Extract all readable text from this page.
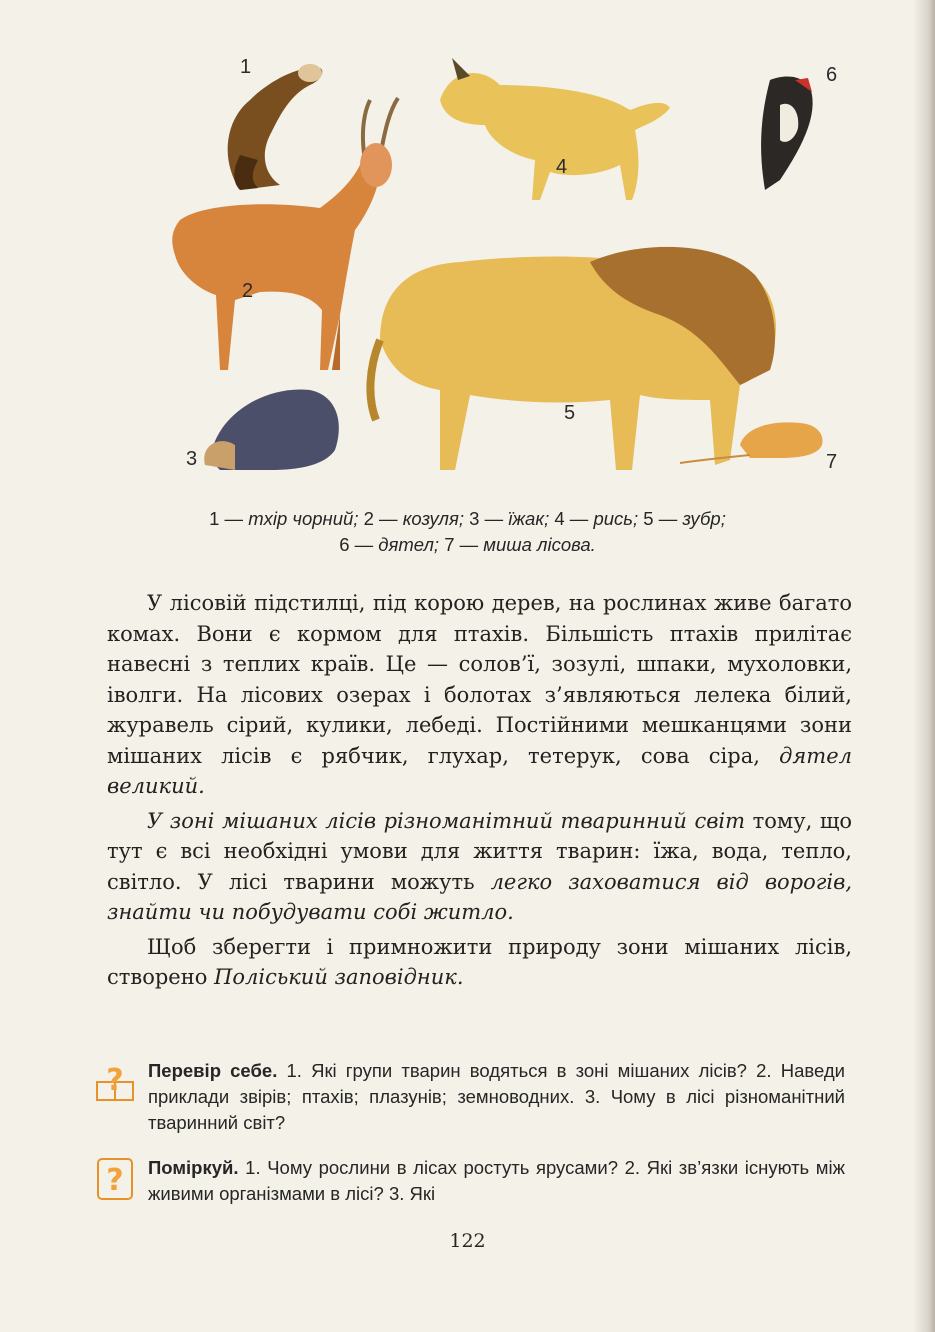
1
2
3
4
5
6
7
1 — тхір чорний; 2 — козуля; 3 — їжак; 4 — рись; 5 — зубр;
6 — дятел; 7 — миша лісова.

У лісовій підстилці, під корою дерев, на рослинах живе багато комах. Вони є кормом для птахів. Більшість птахів прилітає навесні з теплих країв. Це — солов’ї, зозулі, шпаки, мухоловки, іволги. На лісових озерах і болотах з’являються лелека білий, журавель сірий, кулики, лебеді. Постійними мешканцями зони мішаних лісів є рябчик, глухар, тетерук, сова сіра, дятел великий.

У зоні мішаних лісів різноманітний тваринний світ тому, що тут є всі необхідні умови для життя тварин: їжа, вода, тепло, світло. У лісі тварини можуть легко заховатися від ворогів, знайти чи побудувати собі житло.

Щоб зберегти і примножити природу зони мішаних лісів, створено Поліський заповідник.

? Перевір себе. 1. Які групи тварин водяться в зоні мішаних лісів? 2. Наведи приклади звірів; птахів; плазунів; земноводних. 3. Чому в лісі різноманітний тваринний світ?
? Поміркуй. 1. Чому рослини в лісах ростуть ярусами? 2. Які зв’язки існують між живими організмами в лісі? 3. Які
122
